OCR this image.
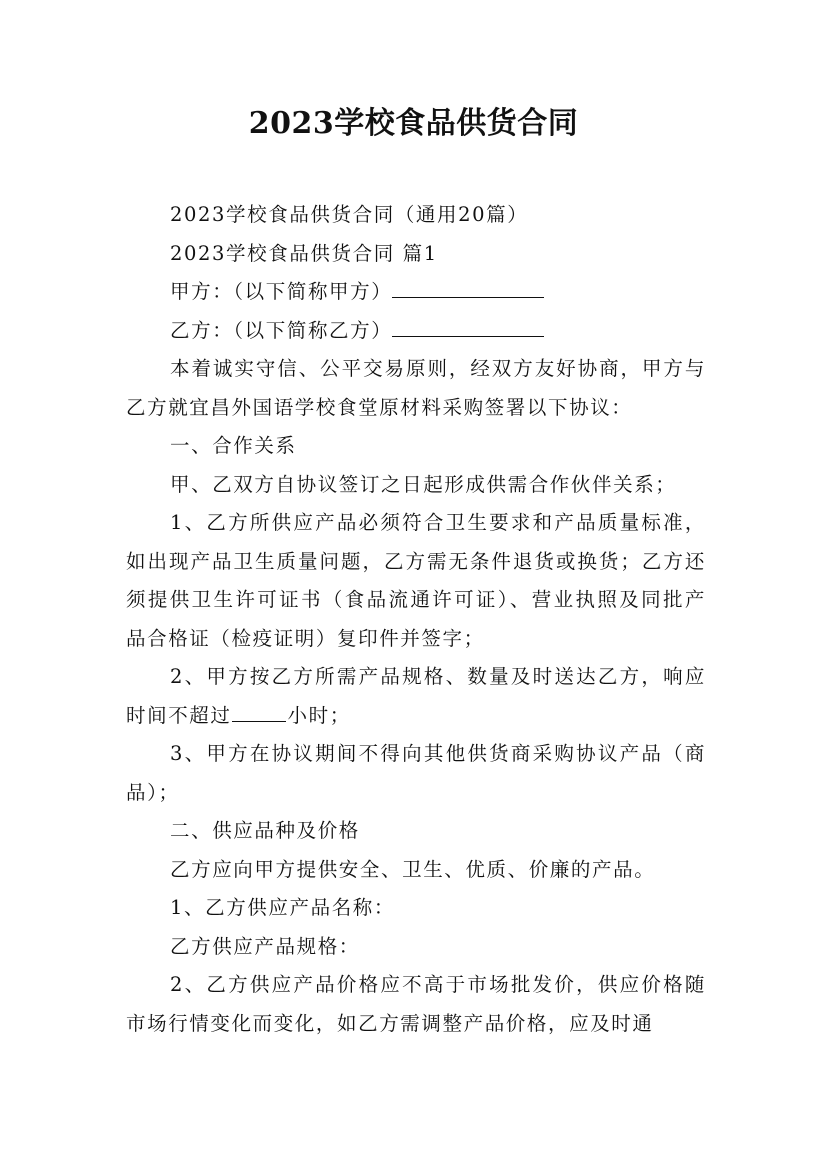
2023学校食品供货合同

2023学校食品供货合同（通用20篇）

2023学校食品供货合同 篇1

甲方：（以下简称甲方）

乙方：（以下简称乙方）

本着诚实守信、公平交易原则，经双方友好协商，甲方与乙方就宜昌外国语学校食堂原材料采购签署以下协议：

一、合作关系

甲、乙双方自协议签订之日起形成供需合作伙伴关系；

1、乙方所供应产品必须符合卫生要求和产品质量标准，如出现产品卫生质量问题，乙方需无条件退货或换货；乙方还须提供卫生许可证书（食品流通许可证）、营业执照及同批产品合格证（检疫证明）复印件并签字；

2、甲方按乙方所需产品规格、数量及时送达乙方，响应时间不超过	小时；

3、甲方在协议期间不得向其他供货商采购协议产品（商品）；

二、供应品种及价格

乙方应向甲方提供安全、卫生、优质、价廉的产品。

1、乙方供应产品名称：

乙方供应产品规格：

2、乙方供应产品价格应不高于市场批发价，供应价格随市场行情变化而变化，如乙方需调整产品价格，应及时通
